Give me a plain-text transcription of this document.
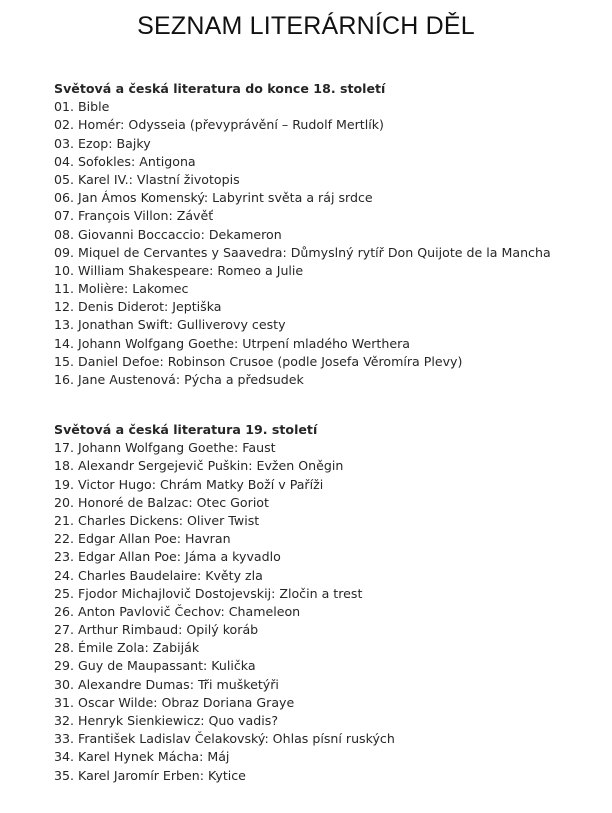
SEZNAM LITERÁRNÍCH DĚL
Světová a česká literatura do konce 18. století
01. Bible
02. Homér: Odysseia (převyprávění – Rudolf Mertlík)
03. Ezop: Bajky
04. Sofokles: Antigona
05. Karel IV.: Vlastní životopis
06. Jan Ámos Komenský: Labyrint světa a ráj srdce
07. François Villon: Závěť
08. Giovanni Boccaccio: Dekameron
09. Miquel de Cervantes y Saavedra: Důmyslný rytíř Don Quijote de la Mancha
10. William Shakespeare: Romeo a Julie
11. Molière: Lakomec
12. Denis Diderot: Jeptiška
13. Jonathan Swift: Gulliverovy cesty
14. Johann Wolfgang Goethe: Utrpení mladého Werthera
15. Daniel Defoe: Robinson Crusoe (podle Josefa Věromíra Plevy)
16. Jane Austenová: Pýcha a předsudek
Světová a česká literatura 19. století
17. Johann Wolfgang Goethe: Faust
18. Alexandr Sergejevič Puškin: Evžen Oněgin
19. Victor Hugo: Chrám Matky Boží v Paříži
20. Honoré de Balzac: Otec Goriot
21. Charles Dickens: Oliver Twist
22. Edgar Allan Poe: Havran
23. Edgar Allan Poe: Jáma a kyvadlo
24. Charles Baudelaire: Květy zla
25. Fjodor Michajlovič Dostojevskij: Zločin a trest
26. Anton Pavlovič Čechov: Chameleon
27. Arthur Rimbaud: Opilý koráb
28. Émile Zola: Zabiják
29. Guy de Maupassant: Kulička
30. Alexandre Dumas: Tři mušketýři
31. Oscar Wilde: Obraz Doriana Graye
32. Henryk Sienkiewicz: Quo vadis?
33. František Ladislav Čelakovský: Ohlas písní ruských
34. Karel Hynek Mácha: Máj
35. Karel Jaromír Erben: Kytice
